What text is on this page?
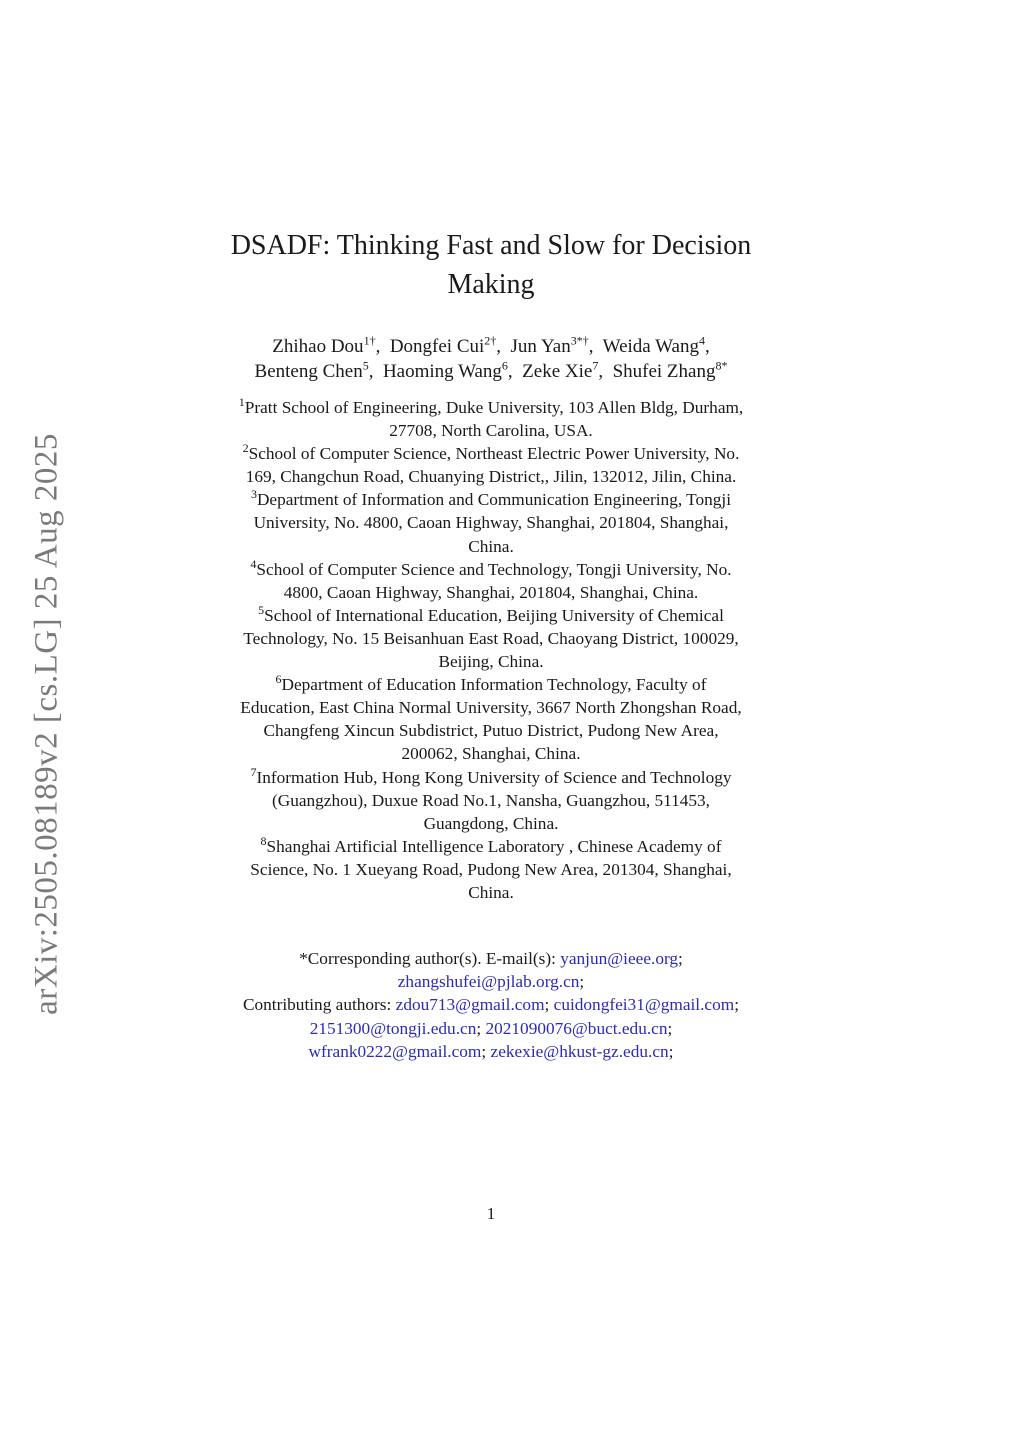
arXiv:2505.08189v2 [cs.LG] 25 Aug 2025
DSADF: Thinking Fast and Slow for Decision
Making
Zhihao Dou$^{1\dagger}$,  Dongfei Cui$^{2\dagger}$,  Jun Yan$^{3*\dagger}$,  Weida Wang$^4$,
Benteng Chen$^5$,  Haoming Wang$^6$,  Zeke Xie$^7$,  Shufei Zhang$^{8*}$
$^1$Pratt School of Engineering, Duke University, 103 Allen Bldg, Durham,
27708, North Carolina, USA.
$^2$School of Computer Science, Northeast Electric Power University, No.
169, Changchun Road, Chuanying District,, Jilin, 132012, Jilin, China.
$^3$Department of Information and Communication Engineering, Tongji
University, No. 4800, Caoan Highway, Shanghai, 201804, Shanghai,
China.
$^4$School of Computer Science and Technology, Tongji University, No.
4800, Caoan Highway, Shanghai, 201804, Shanghai, China.
$^5$School of International Education, Beijing University of Chemical
Technology, No. 15 Beisanhuan East Road, Chaoyang District, 100029,
Beijing, China.
$^6$Department of Education Information Technology, Faculty of
Education, East China Normal University, 3667 North Zhongshan Road,
Changfeng Xincun Subdistrict, Putuo District, Pudong New Area,
200062, Shanghai, China.
$^7$Information Hub, Hong Kong University of Science and Technology
(Guangzhou), Duxue Road No.1, Nansha, Guangzhou, 511453,
Guangdong, China.
$^8$Shanghai Artificial Intelligence Laboratory , Chinese Academy of
Science, No. 1 Xueyang Road, Pudong New Area, 201304, Shanghai,
China.
*Corresponding author(s). E-mail(s): yanjun@ieee.org;
zhangshufei@pjlab.org.cn;
Contributing authors: zdou713@gmail.com; cuidongfei31@gmail.com;
2151300@tongji.edu.cn; 2021090076@buct.edu.cn;
wfrank0222@gmail.com; zekexie@hkust-gz.edu.cn;
1
